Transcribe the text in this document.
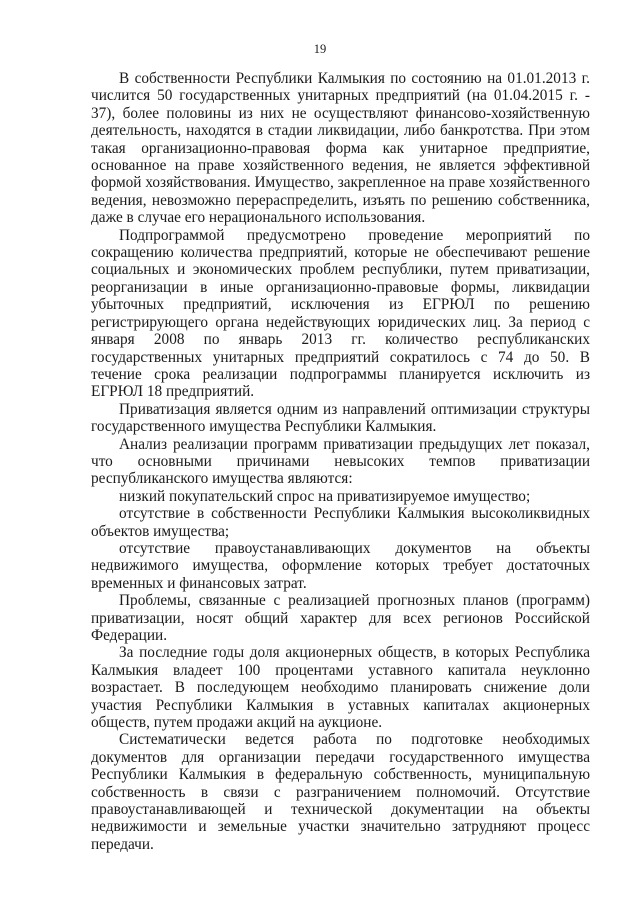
19

В собственности Республики Калмыкия по состоянию на 01.01.2013 г. числится 50 государственных унитарных предприятий (на 01.04.2015 г. - 37), более половины из них не осуществляют финансово-хозяйственную деятельность, находятся в стадии ликвидации, либо банкротства. При этом такая организационно-правовая форма как унитарное предприятие, основанное на праве хозяйственного ведения, не является эффективной формой хозяйствования. Имущество, закрепленное на праве хозяйственного ведения, невозможно перераспределить, изъять по решению собственника, даже в случае его нерационального использования.

Подпрограммой предусмотрено проведение мероприятий по сокращению количества предприятий, которые не обеспечивают решение социальных и экономических проблем республики, путем приватизации, реорганизации в иные организационно-правовые формы, ликвидации убыточных предприятий, исключения из ЕГРЮЛ по решению регистрирующего органа недействующих юридических лиц. За период с января 2008 по январь 2013 гг. количество республиканских государственных унитарных предприятий сократилось с 74 до 50. В течение срока реализации подпрограммы планируется исключить из ЕГРЮЛ 18 предприятий.

Приватизация является одним из направлений оптимизации структуры государственного имущества Республики Калмыкия.

Анализ реализации программ приватизации предыдущих лет показал, что основными причинами невысоких темпов приватизации республиканского имущества являются:

низкий покупательский спрос на приватизируемое имущество;

отсутствие в собственности Республики Калмыкия высоколиквидных объектов имущества;

отсутствие правоустанавливающих документов на объекты недвижимого имущества, оформление которых требует достаточных временных и финансовых затрат.

Проблемы, связанные с реализацией прогнозных планов (программ) приватизации, носят общий характер для всех регионов Российской Федерации.

За последние годы доля акционерных обществ, в которых Республика Калмыкия владеет 100 процентами уставного капитала неуклонно возрастает. В последующем необходимо планировать снижение доли участия Республики Калмыкия в уставных капиталах акционерных обществ, путем продажи акций на аукционе.

Систематически ведется работа по подготовке необходимых документов для организации передачи государственного имущества Республики Калмыкия в федеральную собственность, муниципальную собственность в связи с разграничением полномочий. Отсутствие правоустанавливающей и технической документации на объекты недвижимости и земельные участки значительно затрудняют процесс передачи.
